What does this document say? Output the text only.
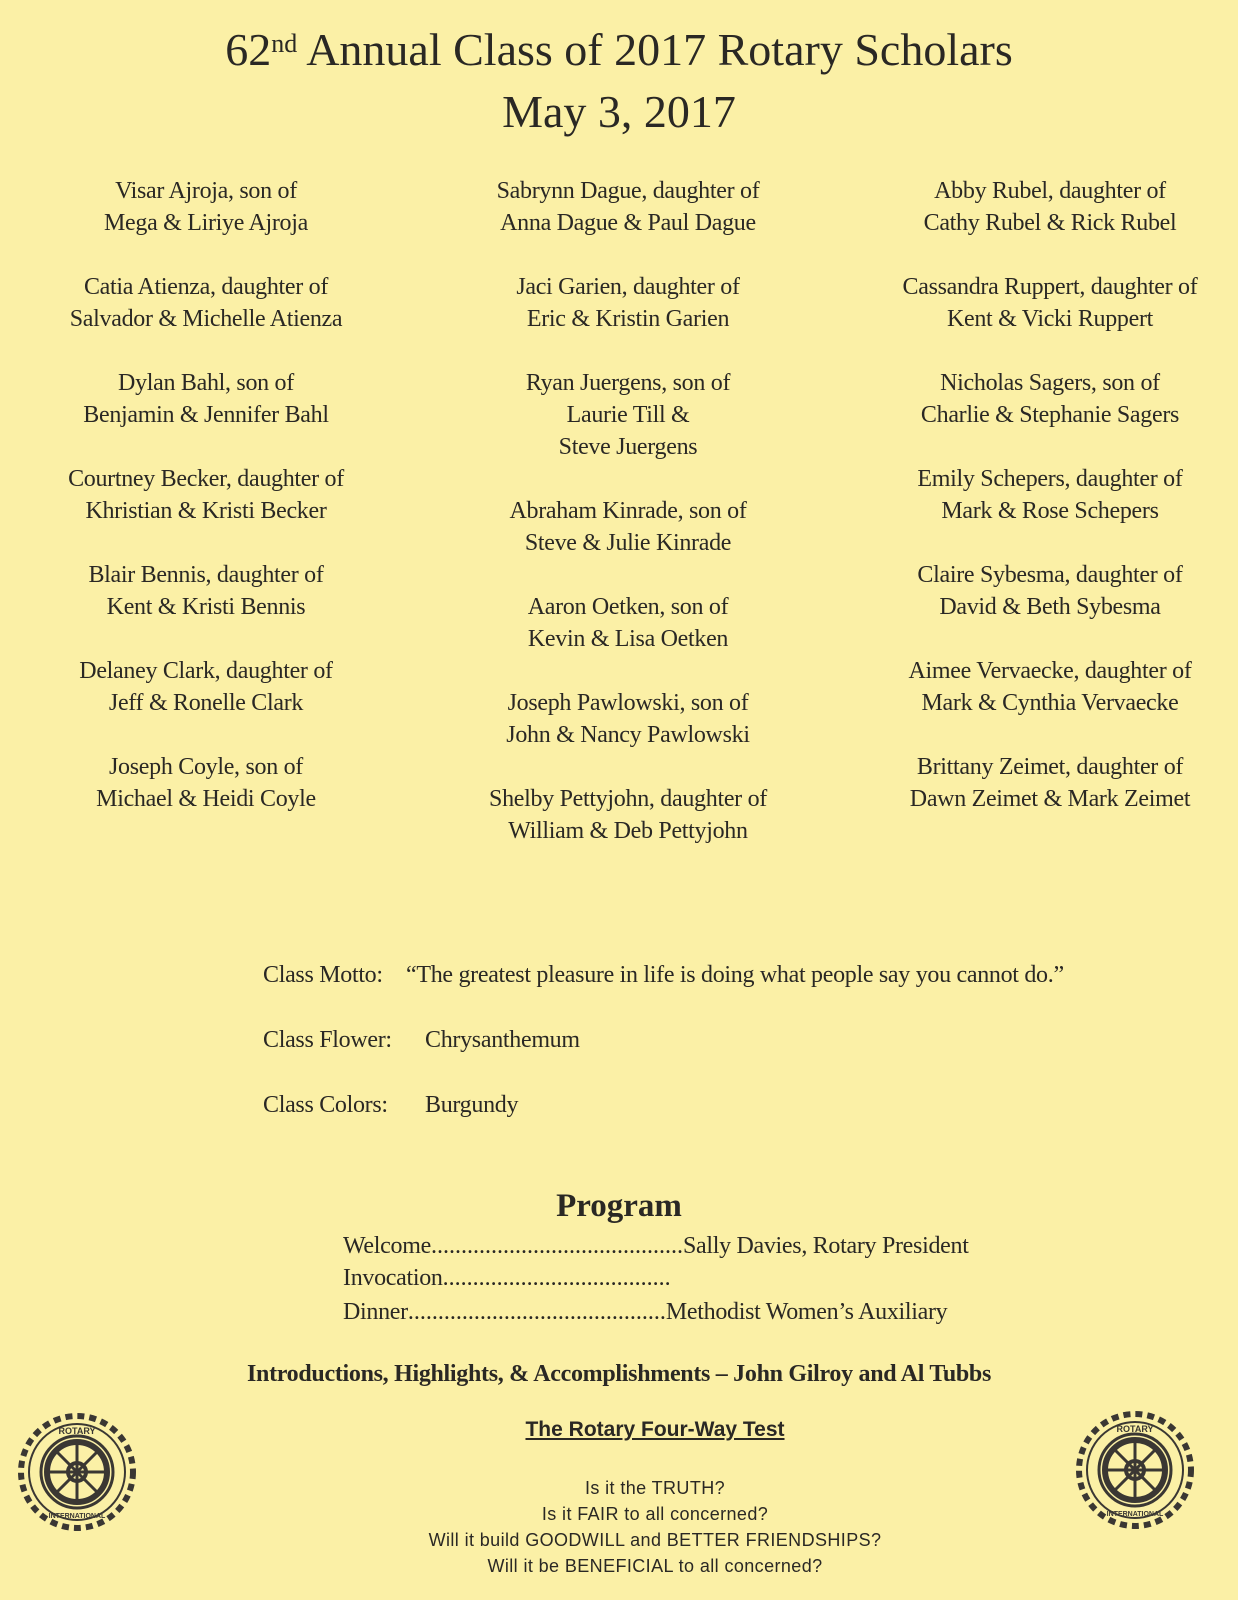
62nd Annual Class of 2017 Rotary Scholars
May 3, 2017
Visar Ajroja, son of
Mega & Liriye Ajroja
Catia Atienza, daughter of
Salvador & Michelle Atienza
Dylan Bahl, son of
Benjamin & Jennifer Bahl
Courtney Becker, daughter of
Khristian & Kristi Becker
Blair Bennis, daughter of
Kent & Kristi Bennis
Delaney Clark, daughter of
Jeff & Ronelle Clark
Joseph Coyle, son of
Michael & Heidi Coyle
Sabrynn Dague, daughter of
Anna Dague & Paul Dague
Jaci Garien, daughter of
Eric & Kristin Garien
Ryan Juergens, son of
Laurie Till &
Steve Juergens
Abraham Kinrade, son of
Steve & Julie Kinrade
Aaron Oetken, son of
Kevin & Lisa Oetken
Joseph Pawlowski, son of
John & Nancy Pawlowski
Shelby Pettyjohn, daughter of
William & Deb Pettyjohn
Abby Rubel, daughter of
Cathy Rubel & Rick Rubel
Cassandra Ruppert, daughter of
Kent & Vicki Ruppert
Nicholas Sagers, son of
Charlie & Stephanie Sagers
Emily Schepers, daughter of
Mark & Rose Schepers
Claire Sybesma, daughter of
David & Beth Sybesma
Aimee Vervaecke, daughter of
Mark & Cynthia Vervaecke
Brittany Zeimet, daughter of
Dawn Zeimet & Mark Zeimet
Class Motto: “The greatest pleasure in life is doing what people say you cannot do.”
Class Flower: Chrysanthemum
Class Colors: Burgundy
Program
Welcome..........................................Sally Davies, Rotary President
Invocation......................................
Dinner...........................................Methodist Women’s Auxiliary
Introductions, Highlights, & Accomplishments – John Gilroy and Al Tubbs
The Rotary Four-Way Test
Is it the TRUTH?
Is it FAIR to all concerned?
Will it build GOODWILL and BETTER FRIENDSHIPS?
Will it be BENEFICIAL to all concerned?
ROTARY
INTERNATIONAL
ROTARY
INTERNATIONAL
